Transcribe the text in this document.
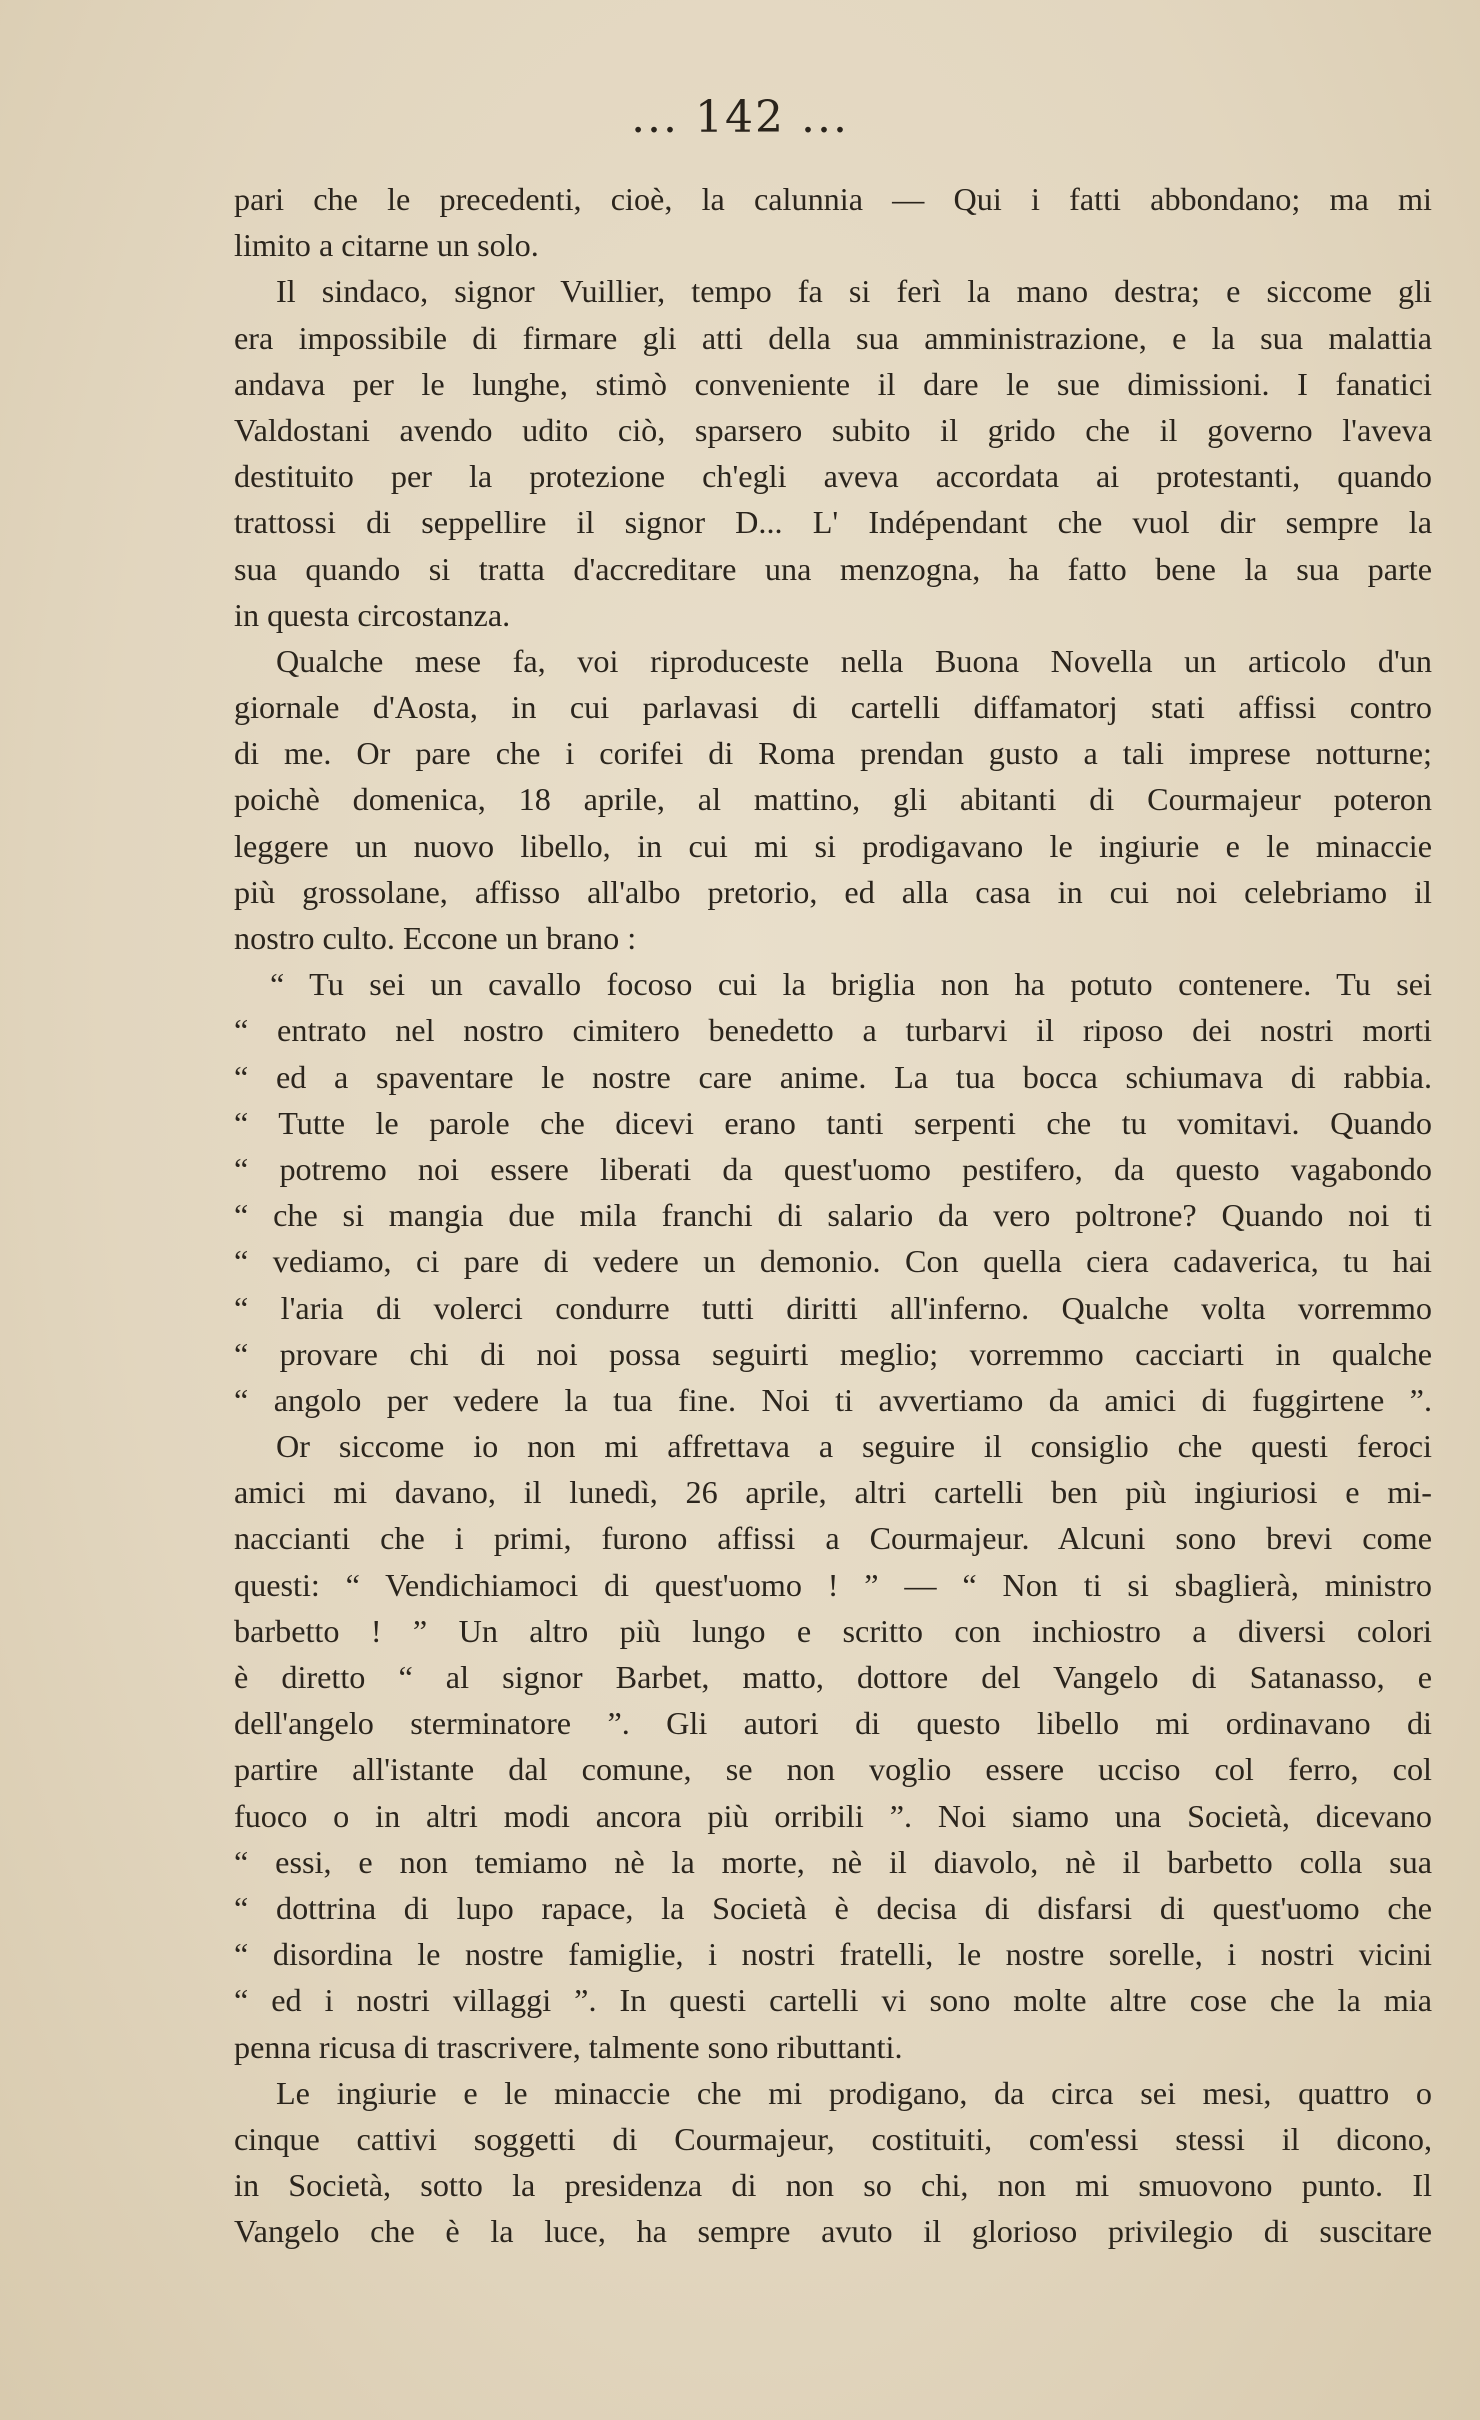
... 142 ...
pari che le precedenti, cioè, la calunnia — Qui i fatti abbondano; ma mi
limito a citarne un solo.
Il sindaco, signor Vuillier, tempo fa si ferì la mano destra; e siccome gli
era impossibile di firmare gli atti della sua amministrazione, e la sua malattia
andava per le lunghe, stimò conveniente il dare le sue dimissioni. I fanatici
Valdostani avendo udito ciò, sparsero subito il grido che il governo l'aveva
destituito per la protezione ch'egli aveva accordata ai protestanti, quando
trattossi di seppellire il signor D... L' Indépendant che vuol dir sempre la
sua quando si tratta d'accreditare una menzogna, ha fatto bene la sua parte
in questa circostanza.
Qualche mese fa, voi riproduceste nella Buona Novella un articolo d'un
giornale d'Aosta, in cui parlavasi di cartelli diffamatorj stati affissi contro
di me. Or pare che i corifei di Roma prendan gusto a tali imprese notturne;
poichè domenica, 18 aprile, al mattino, gli abitanti di Courmajeur poteron
leggere un nuovo libello, in cui mi si prodigavano le ingiurie e le minaccie
più grossolane, affisso all'albo pretorio, ed alla casa in cui noi celebriamo il
nostro culto. Eccone un brano :
“ Tu sei un cavallo focoso cui la briglia non ha potuto contenere. Tu sei
“ entrato nel nostro cimitero benedetto a turbarvi il riposo dei nostri morti
“ ed a spaventare le nostre care anime. La tua bocca schiumava di rabbia.
“ Tutte le parole che dicevi erano tanti serpenti che tu vomitavi. Quando
“ potremo noi essere liberati da quest'uomo pestifero, da questo vagabondo
“ che si mangia due mila franchi di salario da vero poltrone? Quando noi ti
“ vediamo, ci pare di vedere un demonio. Con quella ciera cadaverica, tu hai
“ l'aria di volerci condurre tutti diritti all'inferno. Qualche volta vorremmo
“ provare chi di noi possa seguirti meglio; vorremmo cacciarti in qualche
“ angolo per vedere la tua fine. Noi ti avvertiamo da amici di fuggirtene ”.
Or siccome io non mi affrettava a seguire il consiglio che questi feroci
amici mi davano, il lunedì, 26 aprile, altri cartelli ben più ingiuriosi e mi-
naccianti che i primi, furono affissi a Courmajeur. Alcuni sono brevi come
questi: “ Vendichiamoci di quest'uomo ! ” — “ Non ti si sbaglierà, ministro
barbetto ! ” Un altro più lungo e scritto con inchiostro a diversi colori
è diretto “ al signor Barbet, matto, dottore del Vangelo di Satanasso, e
dell'angelo sterminatore ”. Gli autori di questo libello mi ordinavano di
partire all'istante dal comune, se non voglio essere ucciso col ferro, col
fuoco o in altri modi ancora più orribili ”. Noi siamo una Società, dicevano
“ essi, e non temiamo nè la morte, nè il diavolo, nè il barbetto colla sua
“ dottrina di lupo rapace, la Società è decisa di disfarsi di quest'uomo che
“ disordina le nostre famiglie, i nostri fratelli, le nostre sorelle, i nostri vicini
“ ed i nostri villaggi ”. In questi cartelli vi sono molte altre cose che la mia
penna ricusa di trascrivere, talmente sono ributtanti.
Le ingiurie e le minaccie che mi prodigano, da circa sei mesi, quattro o
cinque cattivi soggetti di Courmajeur, costituiti, com'essi stessi il dicono,
in Società, sotto la presidenza di non so chi, non mi smuovono punto. Il
Vangelo che è la luce, ha sempre avuto il glorioso privilegio di suscitare
